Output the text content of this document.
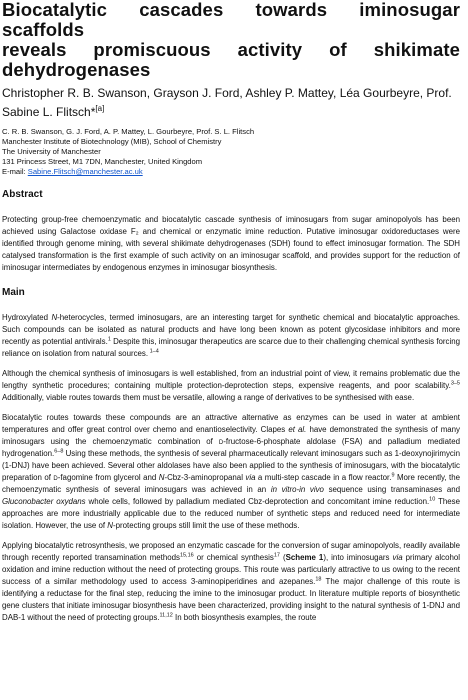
Biocatalytic cascades towards iminosugar scaffolds
reveals promiscuous activity of shikimate dehydrogenases
Christopher R. B. Swanson, Grayson J. Ford, Ashley P. Mattey, Léa Gourbeyre, Prof.
Sabine L. Flitsch*[a]
C. R. B. Swanson, G. J. Ford, A. P. Mattey, L. Gourbeyre, Prof. S. L. Flitsch
Manchester Institute of Biotechnology (MIB), School of Chemistry
The University of Manchester
131 Princess Street, M1 7DN, Manchester, United Kingdom
E-mail: Sabine.Flitsch@manchester.ac.uk
Abstract

Protecting group-free chemoenzymatic and biocatalytic cascade synthesis of iminosugars from sugar aminopolyols has been achieved using Galactose oxidase F₂ and chemical or enzymatic imine reduction. Putative iminosugar oxidoreductases were identified through genome mining, with several shikimate dehydrogenases (SDH) found to effect iminosugar formation. The SDH catalysed transformation is the first example of such activity on an iminosugar scaffold, and provides support for the reduction of iminosugar intermediates by endogenous enzymes in iminosugar biosynthesis.

Main

Hydroxylated N-heterocycles, termed iminosugars, are an interesting target for synthetic chemical and biocatalytic approaches. Such compounds can be isolated as natural products and have long been known as potent glycosidase inhibitors and more recently as potential antivirals.$^1$ Despite this, iminosugar therapeutics are scarce due to their challenging chemical synthesis forcing reliance on isolation from natural sources. $^{1-4}$

Although the chemical synthesis of iminosugars is well established, from an industrial point of view, it remains problematic due the lengthy synthetic procedures; containing multiple protection-deprotection steps, expensive reagents, and poor scalability.$^{3-5}$ Additionally, viable routes towards them must be versatile, allowing a range of derivatives to be synthesised with ease.

Biocatalytic routes towards these compounds are an attractive alternative as enzymes can be used in water at ambient temperatures and offer great control over chemo and enantioselectivity. Clapes et al. have demonstrated the synthesis of many iminosugars using the chemoenzymatic combination of d-fructose-6-phosphate aldolase (FSA) and palladium mediated hydrogenation.$^{6-8}$ Using these methods, the synthesis of several pharmaceutically relevant iminosugars such as 1-deoxynojirimycin (1-DNJ) have been achieved. Several other aldolases have also been applied to the synthesis of iminosugars, with the biocatalytic preparation of d-fagomine from glycerol and N-Cbz-3-aminopropanal via a multi-step cascade in a flow reactor.$^9$ More recently, the chemoenzymatic synthesis of several iminosugars was achieved in an in vitro-in vivo sequence using transaminases and Gluconobacter oxydans whole cells, followed by palladium mediated Cbz-deprotection and concomitant imine reduction.$^{10}$ These approaches are more industrially applicable due to the reduced number of synthetic steps and reduced need for intermediate isolation. However, the use of N-protecting groups still limit the use of these methods.

Applying biocatalytic retrosynthesis, we proposed an enzymatic cascade for the conversion of sugar aminopolyols, readily available through recently reported transamination methods$^{15,16}$ or chemical synthesis$^{17}$ (Scheme 1), into iminosugars via primary alcohol oxidation and imine reduction without the need of protecting groups. This route was particularly attractive to us owing to the recent success of a similar methodology used to access 3-aminopiperidines and azepanes.$^{18}$ The major challenge of this route is identifying a reductase for the final step, reducing the imine to the iminosugar product. In literature multiple reports of biosynthetic gene clusters that initiate iminosugar biosynthesis have been characterized, providing insight to the natural synthesis of 1-DNJ and DAB-1 without the need of protecting groups.$^{11,12}$ In both biosynthesis examples, the route
